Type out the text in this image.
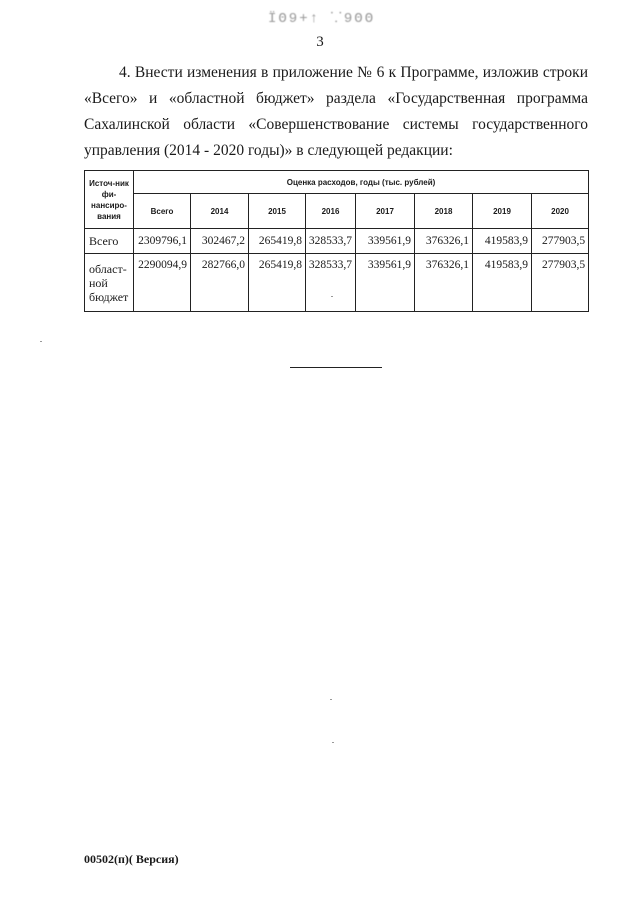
ÏΘ9+↑ ⸪9ΘΘ
3
4. Внести изменения в приложение № 6 к Программе, изложив строки «Всего» и «областной бюджет» раздела «Государственная программа Сахалинской области «Совершенствование системы государственного управления (2014 - 2020 годы)» в следующей редакции:
Источ-ник фи-нансиро-вания	Оценка расходов, годы (тыс. рублей)							
	Всего	2014	2015	2016	2017	2018	2019	2020
Всего	2309796,1	302467,2	265419,8	328533,7	339561,9	376326,1	419583,9	277903,5
област-ной бюджет	2290094,9	282766,0	265419,8	328533,7	339561,9	376326,1	419583,9	277903,5
00502(п)( Версия)
